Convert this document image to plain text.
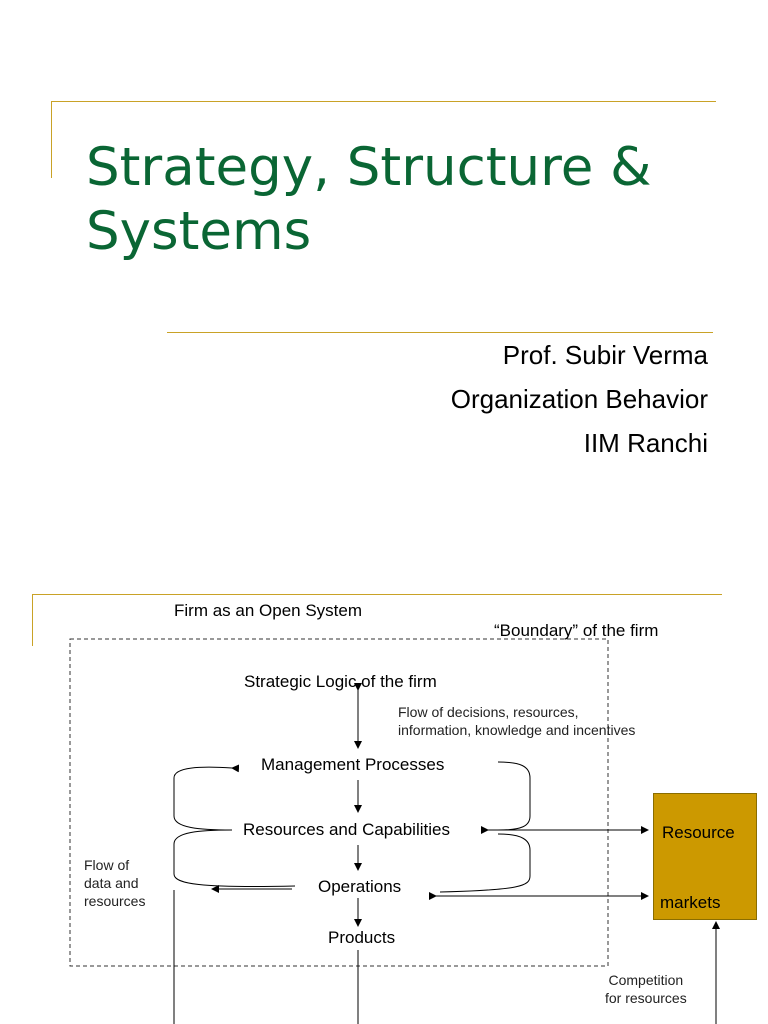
Strategy, Structure &
Systems
Prof. Subir Verma
Organization Behavior
IIM Ranchi
Firm as an Open System
“Boundary” of the firm
Strategic Logic of the firm
Flow of decisions, resources,
information, knowledge and incentives
Management Processes
Resources and Capabilities
Operations
Products
Flow of
data and
resources
Resource
markets
Competition
for resources
